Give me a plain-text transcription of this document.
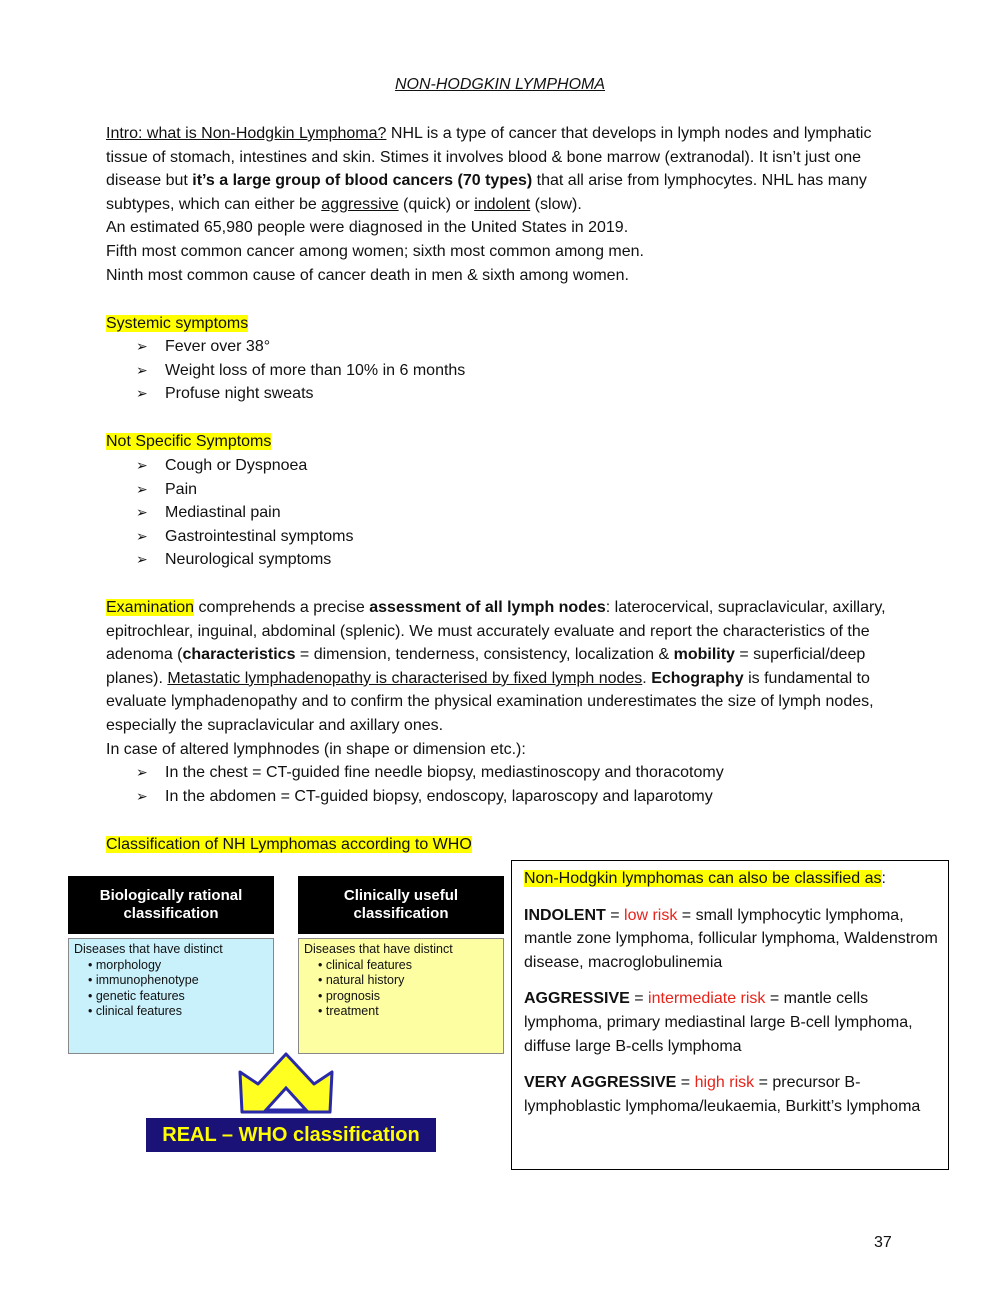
NON-HODGKIN LYMPHOMA
Intro: what is Non-Hodgkin Lymphoma? NHL is a type of cancer that develops in lymph nodes and lymphatic tissue of stomach, intestines and skin. Stimes it involves blood & bone marrow (extranodal). It isn’t just one disease but it’s a large group of blood cancers (70 types) that all arise from lymphocytes. NHL has many subtypes, which can either be aggressive (quick) or indolent (slow).
An estimated 65,980 people were diagnosed in the United States in 2019.
Fifth most common cancer among women; sixth most common among men.
Ninth most common cause of cancer death in men & sixth among women.
Systemic symptoms
➢ Fever over 38°
➢ Weight loss of more than 10% in 6 months
➢ Profuse night sweats
Not Specific Symptoms
➢ Cough or Dyspnoea
➢ Pain
➢ Mediastinal pain
➢ Gastrointestinal symptoms
➢ Neurological symptoms
Examination comprehends a precise assessment of all lymph nodes: laterocervical, supraclavicular, axillary, epitrochlear, inguinal, abdominal (splenic). We must accurately evaluate and report the characteristics of the adenoma (characteristics = dimension, tenderness, consistency, localization & mobility = superficial/deep planes). Metastatic lymphadenopathy is characterised by fixed lymph nodes. Echography is fundamental to evaluate lymphadenopathy and to confirm the physical examination underestimates the size of lymph nodes, especially the supraclavicular and axillary ones.
In case of altered lymphnodes (in shape or dimension etc.):
➢ In the chest = CT-guided fine needle biopsy, mediastinoscopy and thoracotomy
➢ In the abdomen = CT-guided biopsy, endoscopy, laparoscopy and laparotomy
Classification of NH Lymphomas according to WHO
Biologically rational classification
Clinically useful classification
Diseases that have distinct
• morphology
• immunophenotype
• genetic features
• clinical features
Diseases that have distinct
• clinical features
• natural history
• prognosis
• treatment
REAL – WHO classification

Non-Hodgkin lymphomas can also be classified as:

INDOLENT = low risk = small lymphocytic lymphoma, mantle zone lymphoma, follicular lymphoma, Waldenstrom disease, macroglobulinemia

AGGRESSIVE = intermediate risk = mantle cells lymphoma, primary mediastinal large B-cell lymphoma, diffuse large B-cells lymphoma

VERY AGGRESSIVE = high risk = precursor B-lymphoblastic lymphoma/leukaemia, Burkitt’s lymphoma

37
